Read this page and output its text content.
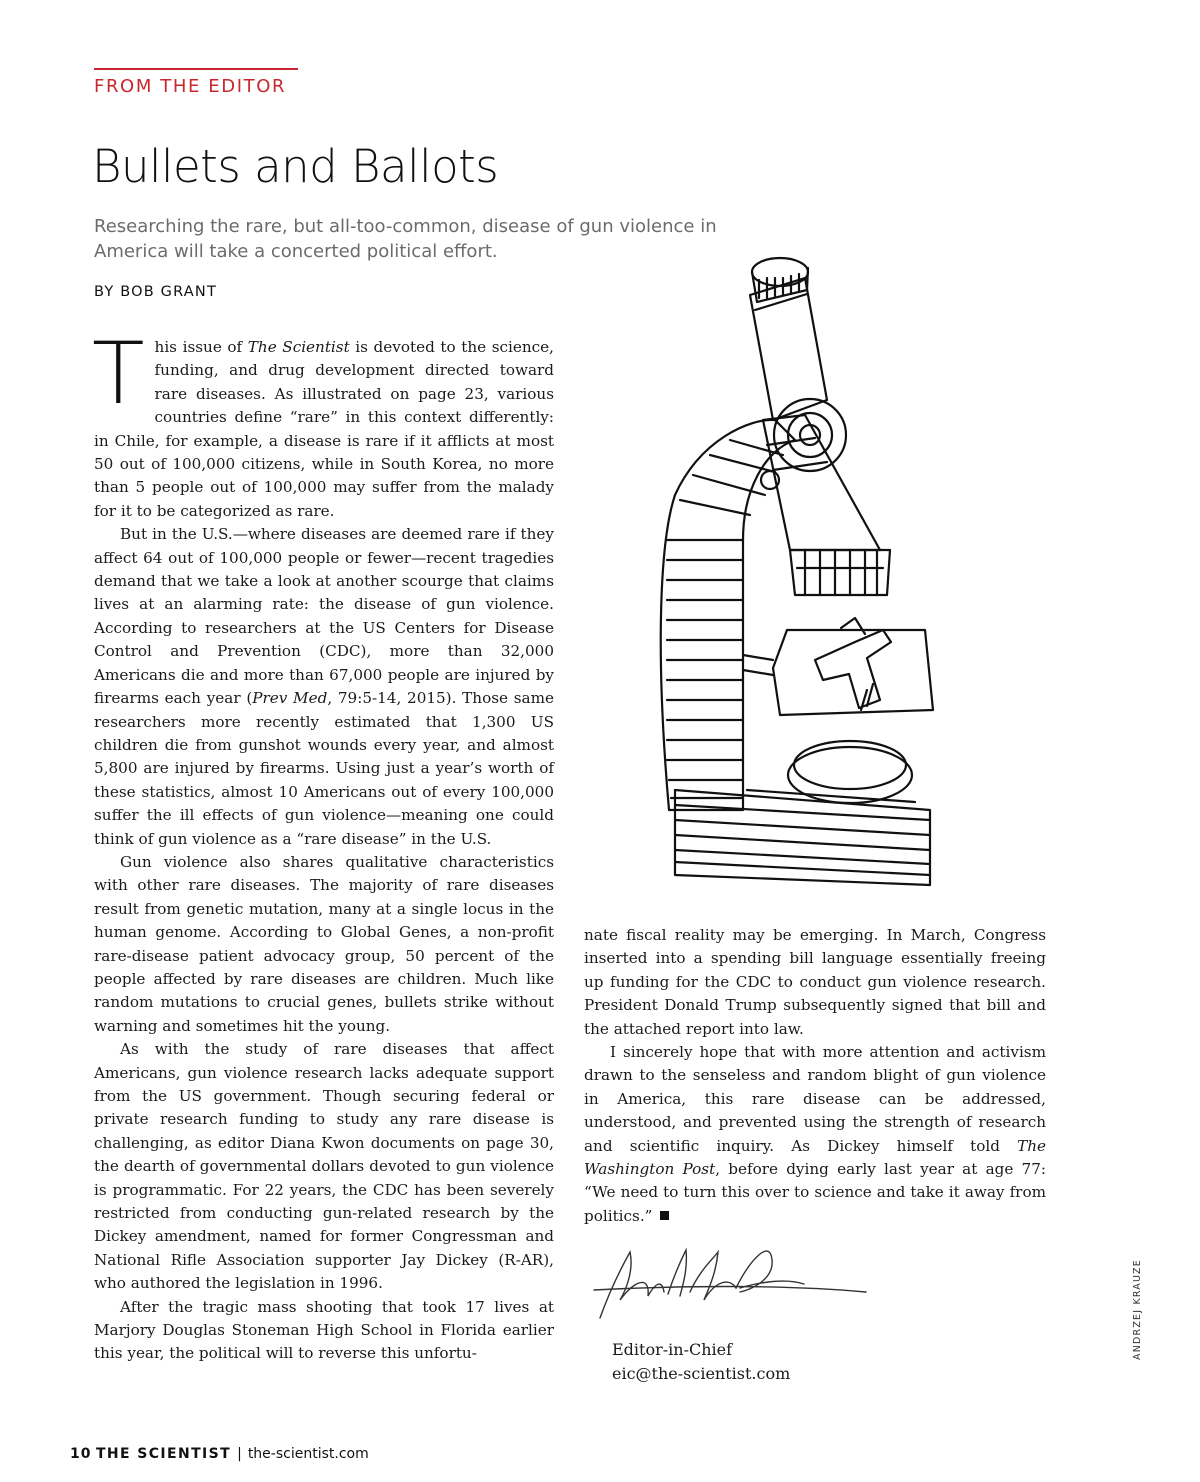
FROM THE EDITOR
Bullets and Ballots
Researching the rare, but all-too-common, disease of gun violence in America will take a concerted political effort.
BY BOB GRANT

This issue of The Scientist is devoted to the science, funding, and drug development directed toward rare diseases. As illustrated on page 23, various countries define “rare” in this context differently: in Chile, for example, a disease is rare if it afflicts at most 50 out of 100,000 citizens, while in South Korea, no more than 5 people out of 100,000 may suffer from the malady for it to be categorized as rare.

But in the U.S.—where diseases are deemed rare if they affect 64 out of 100,000 people or fewer—recent tragedies demand that we take a look at another scourge that claims lives at an alarming rate: the disease of gun violence. According to researchers at the US Centers for Disease Control and Prevention (CDC), more than 32,000 Americans die and more than 67,000 people are injured by firearms each year (Prev Med, 79:5-14, 2015). Those same researchers more recently estimated that 1,300 US children die from gunshot wounds every year, and almost 5,800 are injured by firearms. Using just a year’s worth of these statistics, almost 10 Americans out of every 100,000 suffer the ill effects of gun violence—meaning one could think of gun violence as a “rare disease” in the U.S.

Gun violence also shares qualitative characteristics with other rare diseases. The majority of rare diseases result from genetic mutation, many at a single locus in the human genome. According to Global Genes, a non-profit rare-disease patient advocacy group, 50 percent of the people affected by rare diseases are children. Much like random mutations to crucial genes, bullets strike without warning and sometimes hit the young.

As with the study of rare diseases that affect Americans, gun violence research lacks adequate support from the US government. Though securing federal or private research funding to study any rare disease is challenging, as editor Diana Kwon documents on page 30, the dearth of governmental dollars devoted to gun violence is programmatic. For 22 years, the CDC has been severely restricted from conducting gun-related research by the Dickey amendment, named for former Congressman and National Rifle Association supporter Jay Dickey (R-AR), who authored the legislation in 1996.

After the tragic mass shooting that took 17 lives at Marjory Douglas Stoneman High School in Florida earlier this year, the political will to reverse this unfortu-

nate fiscal reality may be emerging. In March, Congress inserted into a spending bill language essentially freeing up funding for the CDC to conduct gun violence research. President Donald Trump subsequently signed that bill and the attached report into law.

I sincerely hope that with more attention and activism drawn to the senseless and random blight of gun violence in America, this rare disease can be addressed, understood, and prevented using the strength of research and scientific inquiry. As Dickey himself told The Washington Post, before dying early last year at age 77: “We need to turn this over to science and take it away from politics.”

Editor-in-Chief
eic@the-scientist.com
ANDRZEJ KRAUZE
10 THE SCIENTIST | the-scientist.com
